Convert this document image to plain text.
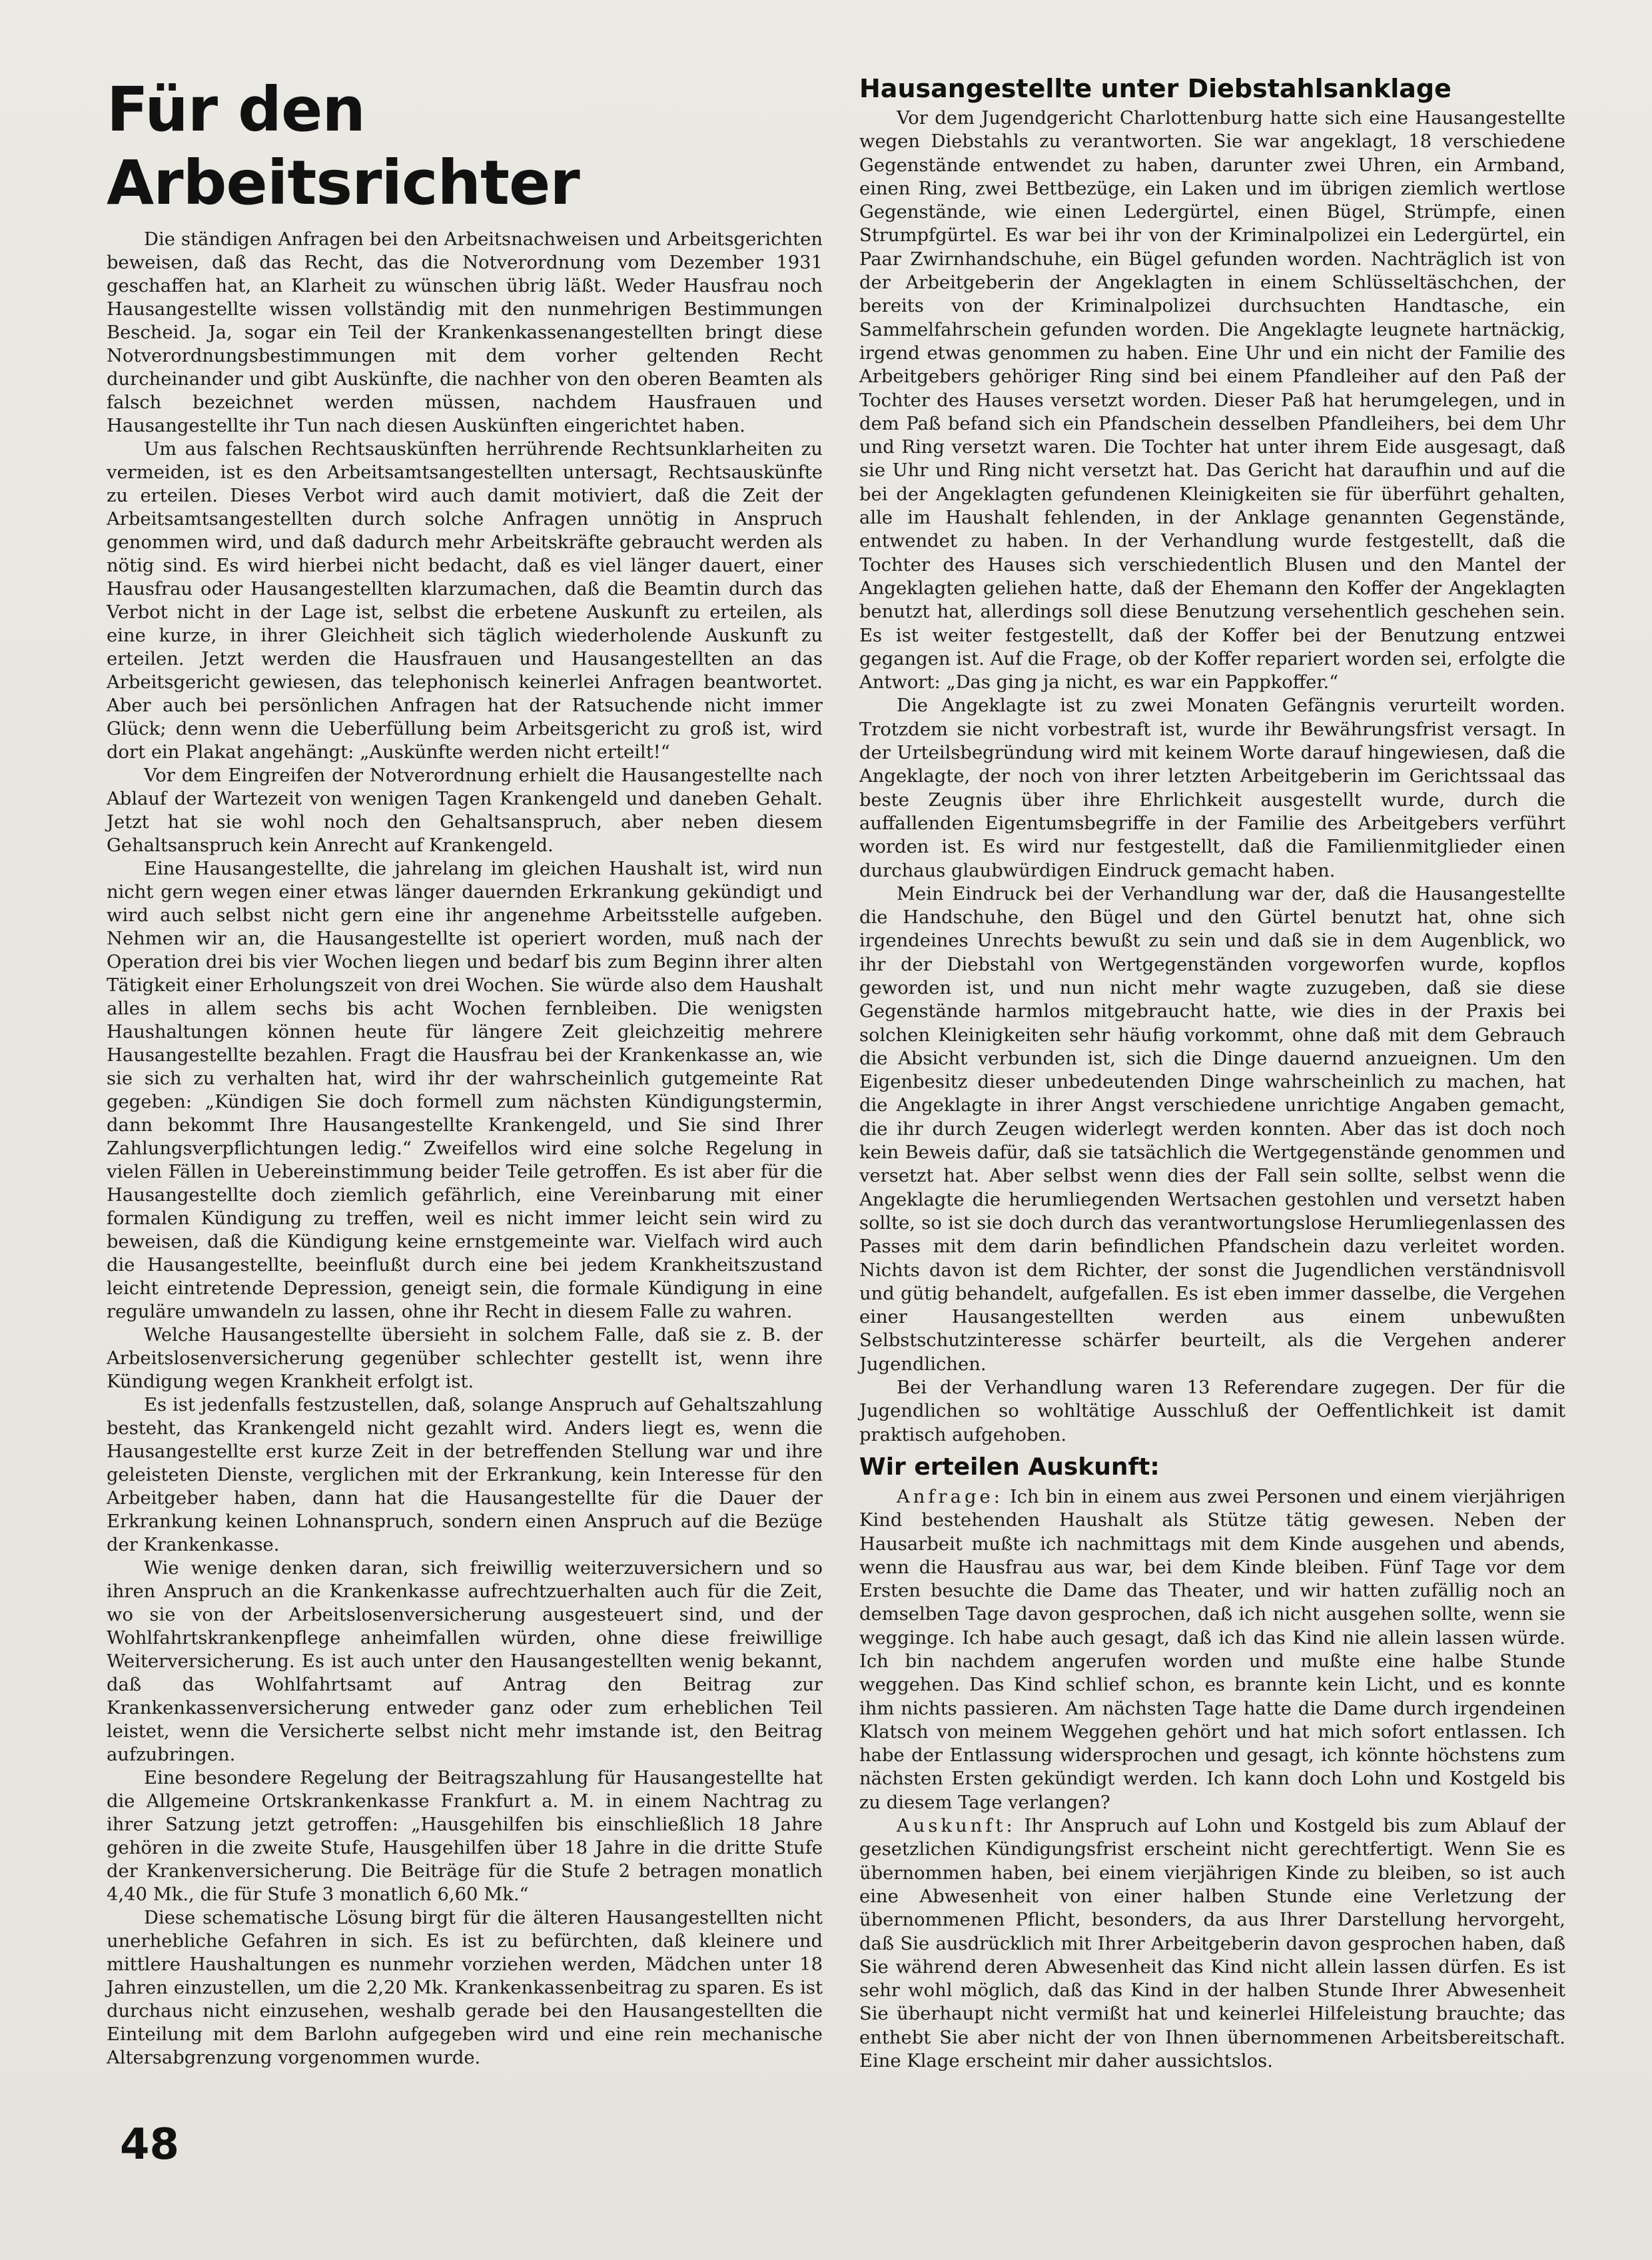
Für den Arbeitsrichter

Die ständigen Anfragen bei den Arbeitsnachweisen und Arbeitsgerichten beweisen, daß das Recht, das die Notverordnung vom Dezember 1931 geschaffen hat, an Klarheit zu wünschen übrig läßt. Weder Hausfrau noch Hausangestellte wissen vollständig mit den nunmehrigen Bestimmungen Bescheid. Ja, sogar ein Teil der Krankenkassenangestellten bringt diese Notverordnungsbestimmungen mit dem vorher geltenden Recht durcheinander und gibt Auskünfte, die nachher von den oberen Beamten als falsch bezeichnet werden müssen, nachdem Hausfrauen und Hausangestellte ihr Tun nach diesen Auskünften eingerichtet haben.

Um aus falschen Rechtsauskünften herrührende Rechtsunklarheiten zu vermeiden, ist es den Arbeitsamtsangestellten untersagt, Rechtsauskünfte zu erteilen. Dieses Verbot wird auch damit motiviert, daß die Zeit der Arbeitsamtsangestellten durch solche Anfragen unnötig in Anspruch genommen wird, und daß dadurch mehr Arbeitskräfte gebraucht werden als nötig sind. Es wird hierbei nicht bedacht, daß es viel länger dauert, einer Hausfrau oder Hausangestellten klarzumachen, daß die Beamtin durch das Verbot nicht in der Lage ist, selbst die erbetene Auskunft zu erteilen, als eine kurze, in ihrer Gleichheit sich täglich wiederholende Auskunft zu erteilen. Jetzt werden die Hausfrauen und Hausangestellten an das Arbeitsgericht gewiesen, das telephonisch keinerlei Anfragen beantwortet. Aber auch bei persönlichen Anfragen hat der Ratsuchende nicht immer Glück; denn wenn die Ueberfüllung beim Arbeitsgericht zu groß ist, wird dort ein Plakat angehängt: „Auskünfte werden nicht erteilt!“

Vor dem Eingreifen der Notverordnung erhielt die Hausangestellte nach Ablauf der Wartezeit von wenigen Tagen Krankengeld und daneben Gehalt. Jetzt hat sie wohl noch den Gehaltsanspruch, aber neben diesem Gehaltsanspruch kein Anrecht auf Krankengeld.

Eine Hausangestellte, die jahrelang im gleichen Haushalt ist, wird nun nicht gern wegen einer etwas länger dauernden Erkrankung gekündigt und wird auch selbst nicht gern eine ihr angenehme Arbeitsstelle aufgeben. Nehmen wir an, die Hausangestellte ist operiert worden, muß nach der Operation drei bis vier Wochen liegen und bedarf bis zum Beginn ihrer alten Tätigkeit einer Erholungszeit von drei Wochen. Sie würde also dem Haushalt alles in allem sechs bis acht Wochen fernbleiben. Die wenigsten Haushaltungen können heute für längere Zeit gleichzeitig mehrere Hausangestellte bezahlen. Fragt die Hausfrau bei der Krankenkasse an, wie sie sich zu verhalten hat, wird ihr der wahrscheinlich gutgemeinte Rat gegeben: „Kündigen Sie doch formell zum nächsten Kündigungstermin, dann bekommt Ihre Hausangestellte Krankengeld, und Sie sind Ihrer Zahlungsverpflichtungen ledig.“ Zweifellos wird eine solche Regelung in vielen Fällen in Uebereinstimmung beider Teile getroffen. Es ist aber für die Hausangestellte doch ziemlich gefährlich, eine Vereinbarung mit einer formalen Kündigung zu treffen, weil es nicht immer leicht sein wird zu beweisen, daß die Kündigung keine ernstgemeinte war. Vielfach wird auch die Hausangestellte, beeinflußt durch eine bei jedem Krankheitszustand leicht eintretende Depression, geneigt sein, die formale Kündigung in eine reguläre umwandeln zu lassen, ohne ihr Recht in diesem Falle zu wahren.

Welche Hausangestellte übersieht in solchem Falle, daß sie z. B. der Arbeitslosenversicherung gegenüber schlechter gestellt ist, wenn ihre Kündigung wegen Krankheit erfolgt ist.

Es ist jedenfalls festzustellen, daß, solange Anspruch auf Gehaltszahlung besteht, das Krankengeld nicht gezahlt wird. Anders liegt es, wenn die Hausangestellte erst kurze Zeit in der betreffenden Stellung war und ihre geleisteten Dienste, verglichen mit der Erkrankung, kein Interesse für den Arbeitgeber haben, dann hat die Hausangestellte für die Dauer der Erkrankung keinen Lohnanspruch, sondern einen Anspruch auf die Bezüge der Krankenkasse.

Wie wenige denken daran, sich freiwillig weiterzuversichern und so ihren Anspruch an die Krankenkasse aufrechtzuerhalten auch für die Zeit, wo sie von der Arbeitslosenversicherung ausgesteuert sind, und der Wohlfahrtskrankenpflege anheimfallen würden, ohne diese freiwillige Weiterversicherung. Es ist auch unter den Hausangestellten wenig bekannt, daß das Wohlfahrtsamt auf Antrag den Beitrag zur Krankenkassenversicherung entweder ganz oder zum erheblichen Teil leistet, wenn die Versicherte selbst nicht mehr imstande ist, den Beitrag aufzubringen.

Eine besondere Regelung der Beitragszahlung für Hausangestellte hat die Allgemeine Ortskrankenkasse Frankfurt a. M. in einem Nachtrag zu ihrer Satzung jetzt getroffen: „Hausgehilfen bis einschließlich 18 Jahre gehören in die zweite Stufe, Hausgehilfen über 18 Jahre in die dritte Stufe der Krankenversicherung. Die Beiträge für die Stufe 2 betragen monatlich 4,40 Mk., die für Stufe 3 monatlich 6,60 Mk.“

Diese schematische Lösung birgt für die älteren Hausangestellten nicht unerhebliche Gefahren in sich. Es ist zu befürchten, daß kleinere und mittlere Haushaltungen es nunmehr vorziehen werden, Mädchen unter 18 Jahren einzustellen, um die 2,20 Mk. Krankenkassenbeitrag zu sparen. Es ist durchaus nicht einzusehen, weshalb gerade bei den Hausangestellten die Einteilung mit dem Barlohn aufgegeben wird und eine rein mechanische Altersabgrenzung vorgenommen wurde.

Hausangestellte unter Diebstahlsanklage

Vor dem Jugendgericht Charlottenburg hatte sich eine Hausangestellte wegen Diebstahls zu verantworten. Sie war angeklagt, 18 verschiedene Gegenstände entwendet zu haben, darunter zwei Uhren, ein Armband, einen Ring, zwei Bettbezüge, ein Laken und im übrigen ziemlich wertlose Gegenstände, wie einen Ledergürtel, einen Bügel, Strümpfe, einen Strumpfgürtel. Es war bei ihr von der Kriminalpolizei ein Ledergürtel, ein Paar Zwirnhandschuhe, ein Bügel gefunden worden. Nachträglich ist von der Arbeitgeberin der Angeklagten in einem Schlüsseltäschchen, der bereits von der Kriminalpolizei durchsuchten Handtasche, ein Sammelfahrschein gefunden worden. Die Angeklagte leugnete hartnäckig, irgend etwas genommen zu haben. Eine Uhr und ein nicht der Familie des Arbeitgebers gehöriger Ring sind bei einem Pfandleiher auf den Paß der Tochter des Hauses versetzt worden. Dieser Paß hat herumgelegen, und in dem Paß befand sich ein Pfandschein desselben Pfandleihers, bei dem Uhr und Ring versetzt waren. Die Tochter hat unter ihrem Eide ausgesagt, daß sie Uhr und Ring nicht versetzt hat. Das Gericht hat daraufhin und auf die bei der Angeklagten gefundenen Kleinigkeiten sie für überführt gehalten, alle im Haushalt fehlenden, in der Anklage genannten Gegenstände, entwendet zu haben. In der Verhandlung wurde festgestellt, daß die Tochter des Hauses sich verschiedentlich Blusen und den Mantel der Angeklagten geliehen hatte, daß der Ehemann den Koffer der Angeklagten benutzt hat, allerdings soll diese Benutzung versehentlich geschehen sein. Es ist weiter festgestellt, daß der Koffer bei der Benutzung entzwei gegangen ist. Auf die Frage, ob der Koffer repariert worden sei, erfolgte die Antwort: „Das ging ja nicht, es war ein Pappkoffer.“

Die Angeklagte ist zu zwei Monaten Gefängnis verurteilt worden. Trotzdem sie nicht vorbestraft ist, wurde ihr Bewährungsfrist versagt. In der Urteilsbegründung wird mit keinem Worte darauf hingewiesen, daß die Angeklagte, der noch von ihrer letzten Arbeitgeberin im Gerichtssaal das beste Zeugnis über ihre Ehrlichkeit ausgestellt wurde, durch die auffallenden Eigentumsbegriffe in der Familie des Arbeitgebers verführt worden ist. Es wird nur festgestellt, daß die Familienmitglieder einen durchaus glaubwürdigen Eindruck gemacht haben.

Mein Eindruck bei der Verhandlung war der, daß die Hausangestellte die Handschuhe, den Bügel und den Gürtel benutzt hat, ohne sich irgendeines Unrechts bewußt zu sein und daß sie in dem Augenblick, wo ihr der Diebstahl von Wertgegenständen vorgeworfen wurde, kopflos geworden ist, und nun nicht mehr wagte zuzugeben, daß sie diese Gegenstände harmlos mitgebraucht hatte, wie dies in der Praxis bei solchen Kleinigkeiten sehr häufig vorkommt, ohne daß mit dem Gebrauch die Absicht verbunden ist, sich die Dinge dauernd anzueignen. Um den Eigenbesitz dieser unbedeutenden Dinge wahrscheinlich zu machen, hat die Angeklagte in ihrer Angst verschiedene unrichtige Angaben gemacht, die ihr durch Zeugen widerlegt werden konnten. Aber das ist doch noch kein Beweis dafür, daß sie tatsächlich die Wertgegenstände genommen und versetzt hat. Aber selbst wenn dies der Fall sein sollte, selbst wenn die Angeklagte die herumliegenden Wertsachen gestohlen und versetzt haben sollte, so ist sie doch durch das verantwortungslose Herumliegenlassen des Passes mit dem darin befindlichen Pfandschein dazu verleitet worden. Nichts davon ist dem Richter, der sonst die Jugendlichen verständnisvoll und gütig behandelt, aufgefallen. Es ist eben immer dasselbe, die Vergehen einer Hausangestellten werden aus einem unbewußten Selbstschutzinteresse schärfer beurteilt, als die Vergehen anderer Jugendlichen.

Bei der Verhandlung waren 13 Referendare zugegen. Der für die Jugendlichen so wohltätige Ausschluß der Oeffentlichkeit ist damit praktisch aufgehoben.

Wir erteilen Auskunft:

Anfrage: Ich bin in einem aus zwei Personen und einem vierjährigen Kind bestehenden Haushalt als Stütze tätig gewesen. Neben der Hausarbeit mußte ich nachmittags mit dem Kinde ausgehen und abends, wenn die Hausfrau aus war, bei dem Kinde bleiben. Fünf Tage vor dem Ersten besuchte die Dame das Theater, und wir hatten zufällig noch an demselben Tage davon gesprochen, daß ich nicht ausgehen sollte, wenn sie wegginge. Ich habe auch gesagt, daß ich das Kind nie allein lassen würde. Ich bin nachdem angerufen worden und mußte eine halbe Stunde weggehen. Das Kind schlief schon, es brannte kein Licht, und es konnte ihm nichts passieren. Am nächsten Tage hatte die Dame durch irgendeinen Klatsch von meinem Weggehen gehört und hat mich sofort entlassen. Ich habe der Entlassung widersprochen und gesagt, ich könnte höchstens zum nächsten Ersten gekündigt werden. Ich kann doch Lohn und Kostgeld bis zu diesem Tage verlangen?

Auskunft: Ihr Anspruch auf Lohn und Kostgeld bis zum Ablauf der gesetzlichen Kündigungsfrist erscheint nicht gerechtfertigt. Wenn Sie es übernommen haben, bei einem vierjährigen Kinde zu bleiben, so ist auch eine Abwesenheit von einer halben Stunde eine Verletzung der übernommenen Pflicht, besonders, da aus Ihrer Darstellung hervorgeht, daß Sie ausdrücklich mit Ihrer Arbeitgeberin davon gesprochen haben, daß Sie während deren Abwesenheit das Kind nicht allein lassen dürfen. Es ist sehr wohl möglich, daß das Kind in der halben Stunde Ihrer Abwesenheit Sie überhaupt nicht vermißt hat und keinerlei Hilfeleistung brauchte; das enthebt Sie aber nicht der von Ihnen übernommenen Arbeitsbereitschaft. Eine Klage erscheint mir daher aussichtslos.

48
